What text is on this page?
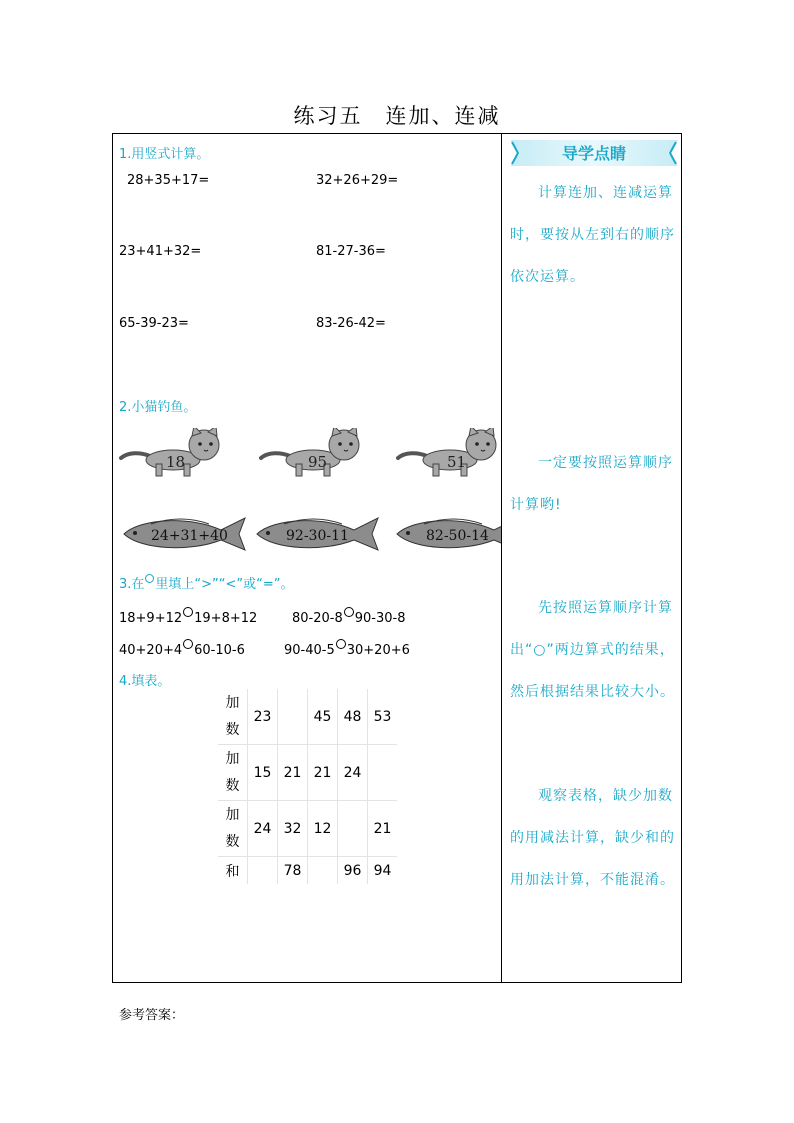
练习五　连加、连减
1.用竖式计算。
28+35+17=	32+26+29=
23+41+32=	81-27-36=
65-39-23=	83-26-42=
2.小猫钓鱼。
18	95	51
24+31+40	92-30-11	82-50-14
3.在 里填上“>”“<”或“=”。
18+9+12 19+8+12	80-20-8 90-30-8
40+20+4 60-10-6	90-40-5 30+20+6
4.填表。
加
数	23		45	48	53
加
数	15	21	21	24	
加
数	24	32	12		21
和		78		96	94
导学点睛
计算连加、连减运算时，要按从左到右的顺序依次运算。
一定要按照运算顺序计算哟!
先按照运算顺序计算出“○”两边算式的结果，然后根据结果比较大小。
观察表格，缺少加数的用减法计算，缺少和的用加法计算，不能混淆。
参考答案：
